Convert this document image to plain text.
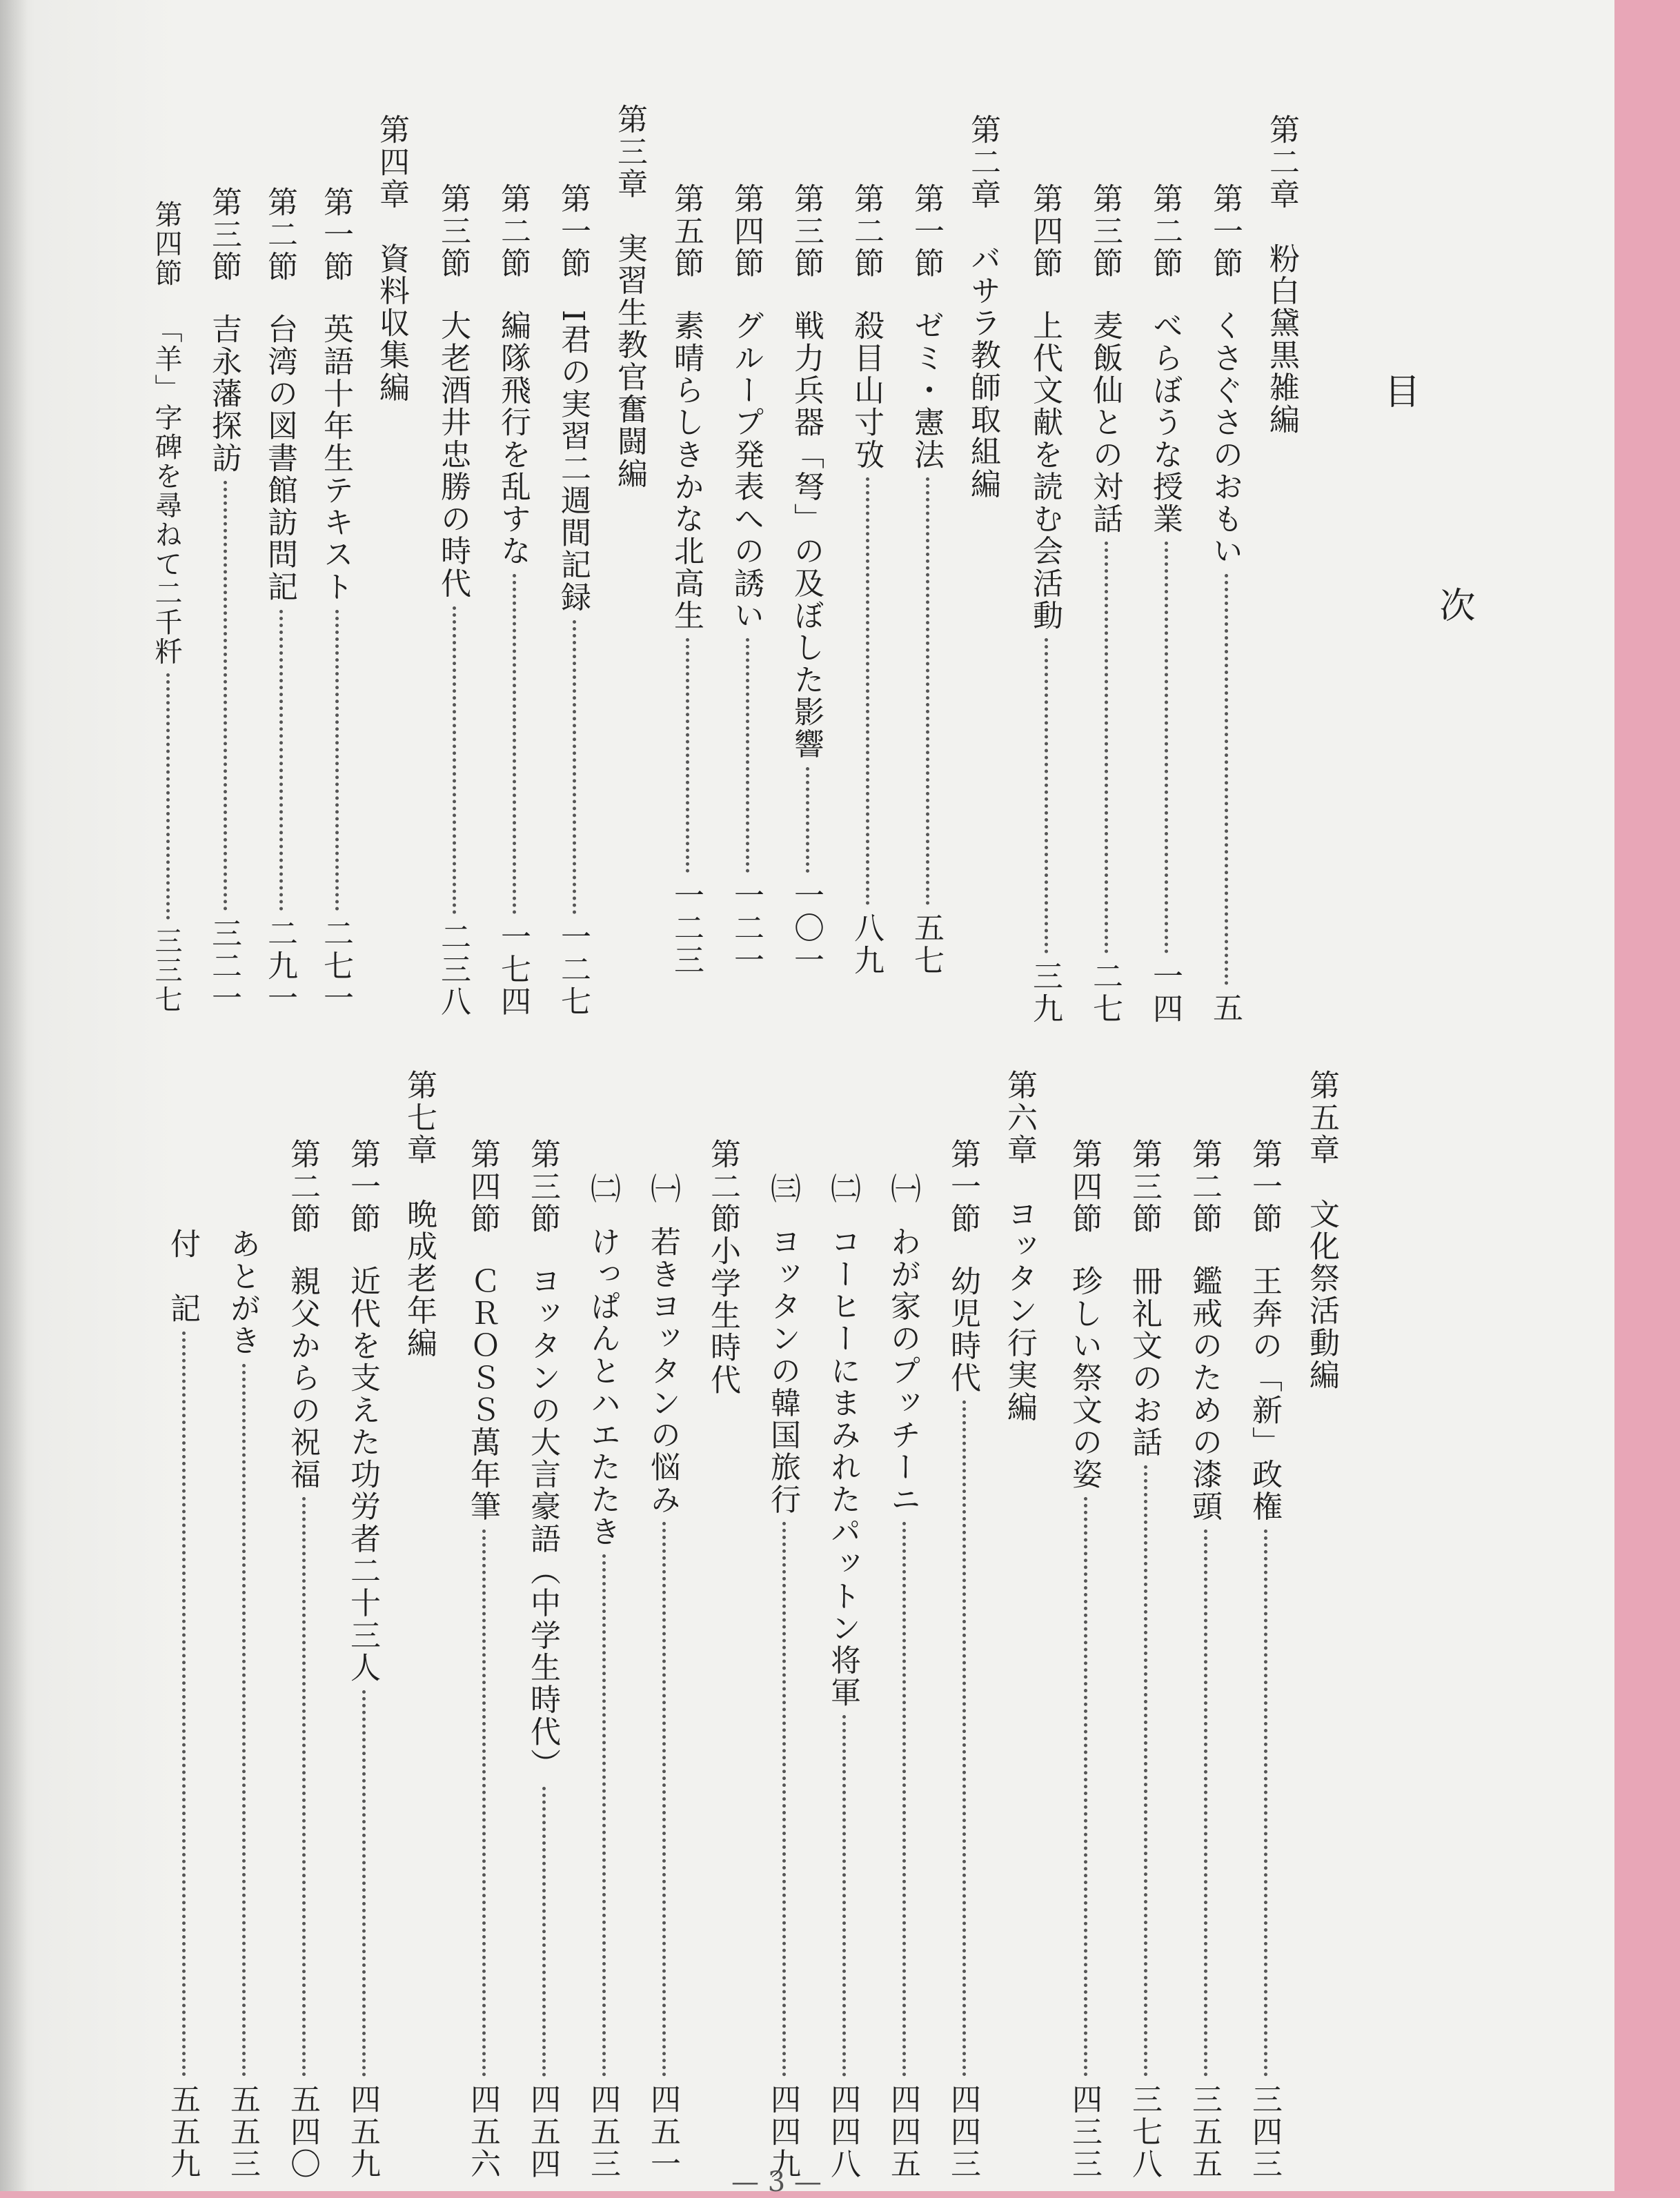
目
次
第二章　粉白黛黒雑編
第一節
くさぐさのおもい
五
第二節
べらぼうな授業
一四
第三節
麦飯仙との対話
二七
第四節
上代文献を読む会活動
三九
第二章　バサラ教師取組編
第一節
ゼミ・憲法
五七
第二節
殺目山寸攷
八九
第三節
戦力兵器「弩」の及ぼした影響
一〇一
第四節
グループ発表への誘い
一二一
第五節
素晴らしきかな北高生
一二三
第三章　実習生教官奮闘編
第一節
I君の実習二週間記録
一二七
第二節
編隊飛行を乱すな
一七四
第三節
大老酒井忠勝の時代
二三八
第四章　資料収集編
第一節
英語十年生テキスト
二七一
第二節
台湾の図書館訪問記
二九一
第三節
吉永藩探訪
三二一
第四節
「羊」字碑を尋ねて二千粁
三三七
第五章　文化祭活動編
第一節
王奔の「新」政権
三四三
第二節
鑑戒のための漆頭
三五五
第三節
冊礼文のお話
三七八
第四節
珍しい祭文の姿
四三三
第六章　ヨッタン行実編
第一節
幼児時代
四四三
㈠
わが家のプッチーニ
四四五
㈡
コーヒーにまみれたパットン将軍
四四八
㈢
ヨッタンの韓国旅行
四四九
第二節
小学生時代
㈠
若きヨッタンの悩み
四五一
㈡
けっぱんとハエたたき
四五三
第三節
ヨッタンの大言豪語（中学生時代）
四五四
第四節
ＣＲＯＳＳ萬年筆
四五六
第七章　晩成老年編
第一節
近代を支えた功労者二十三人
四五九
第二節
親父からの祝福
五四〇
あとがき
五五三
付　記
五五九
— 3 —
